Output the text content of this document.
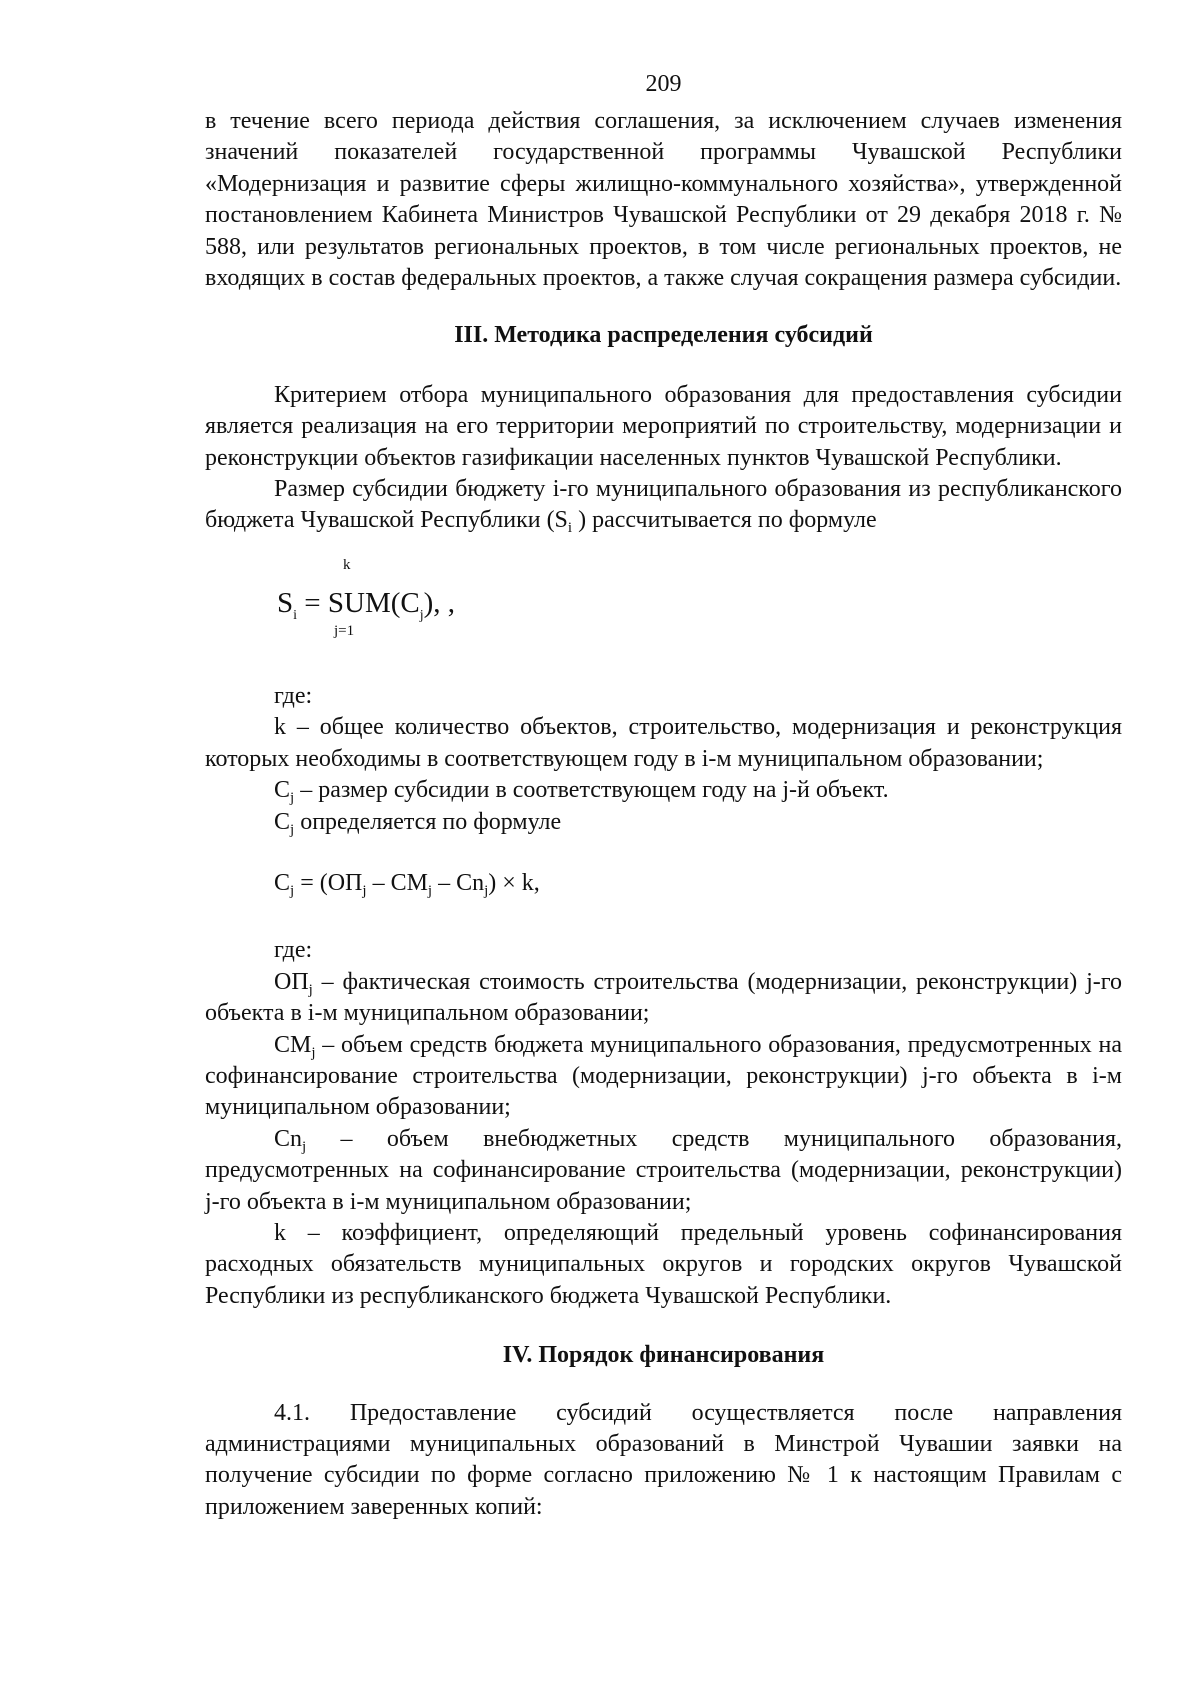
209

в течение всего периода действия соглашения, за исключением случаев изменения значений показателей государственной программы Чувашской Республики «Модернизация и развитие сферы жилищно-коммунального хозяйства», утвержденной постановлением Кабинета Министров Чувашской Республики от 29 декабря 2018 г. № 588, или результатов региональных проектов, в том числе региональных проектов, не входящих в состав федеральных проектов, а также случая сокращения размера субсидии.

III. Методика распределения субсидий

Критерием отбора муниципального образования для предоставления субсидии является реализация на его территории мероприятий по строительству, модернизации и реконструкции объектов газификации населенных пунктов Чувашской Республики.

Размер субсидии бюджету i-го муниципального образования из республиканского бюджета Чувашской Республики ($S_i$ ) рассчитывается по формуле

k
$S_i = SUM(C_j)$, ,
j=1

где:

k – общее количество объектов, строительство, модернизация и реконструкция которых необходимы в соответствующем году в i-м муниципальном образовании;

$C_j$ – размер субсидии в соответствующем году на j-й объект.

$C_j$ определяется по формуле

$C_j = (ОП_j - СМ_j - Cn_j) \times k$,

где:

$ОП_j$ – фактическая стоимость строительства (модернизации, реконструкции) j-го объекта в i-м муниципальном образовании;

$СМ_j$ – объем средств бюджета муниципального образования, предусмотренных на софинансирование строительства (модернизации, реконструкции) j-го объекта в i-м муниципальном образовании;

$Cn_j$ – объем внебюджетных средств муниципального образования, предусмотренных на софинансирование строительства (модернизации, реконструкции) j-го объекта в i-м муниципальном образовании;

k – коэффициент, определяющий предельный уровень софинансирования расходных обязательств муниципальных округов и городских округов Чувашской Республики из республиканского бюджета Чувашской Республики.

IV. Порядок финансирования

4.1. Предоставление субсидий осуществляется после направления администрациями муниципальных образований в Минстрой Чувашии заявки на получение субсидии по форме согласно приложению № 1 к настоящим Правилам с приложением заверенных копий:
